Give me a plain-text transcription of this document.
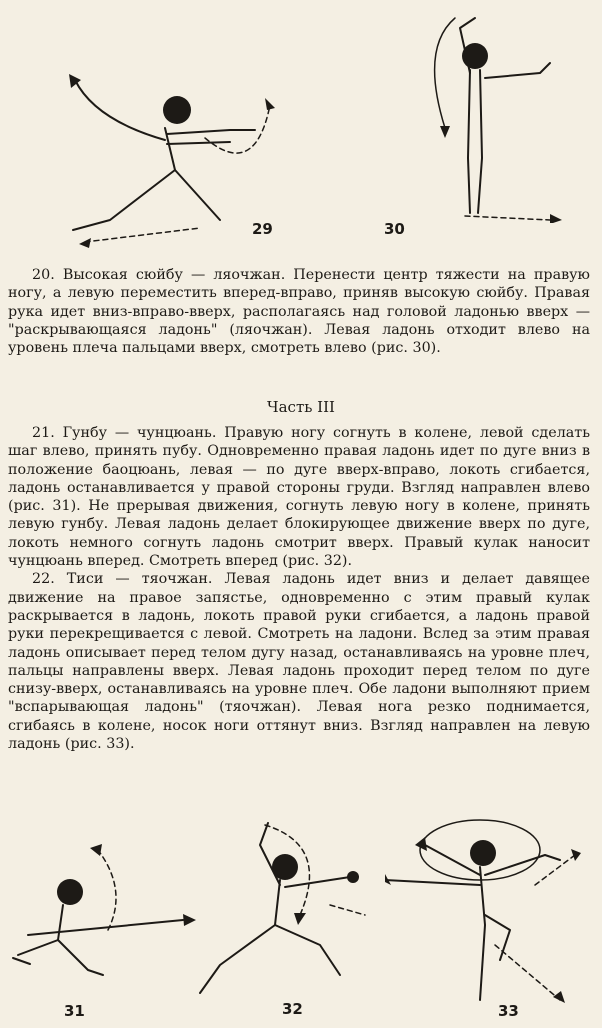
29	30

20. Высокая сюйбу — ляочжан. Перенести центр тяжести на правую ногу, а левую переместить вперед-вправо, приняв высокую сюйбу. Правая рука идет вниз-вправо-вверх, располагаясь над головой ладонью вверх — "раскрывающаяся ладонь" (ляочжан). Левая ладонь отходит влево на уровень плеча пальцами вверх, смотреть влево (рис. 30).

Часть III

21. Гунбу — чунцюань. Правую ногу согнуть в колене, левой сделать шаг влево, принять пубу. Одновременно правая ладонь идет по дуге вниз в положение баоцюань, левая — по дуге вверх-вправо, локоть сгибается, ладонь останавливается у правой стороны груди. Взгляд направлен влево (рис. 31). Не прерывая движения, согнуть левую ногу в колене, принять левую гунбу. Левая ладонь делает блокирующее движение вверх по дуге, локоть немного согнуть ладонь смотрит вверх. Правый кулак наносит чунцюань вперед. Смотреть вперед (рис. 32).

22. Тиси — тяочжан. Левая ладонь идет вниз и делает давящее движение на правое запястье, одновременно с этим правый кулак раскрывается в ладонь, локоть правой руки сгибается, а ладонь правой руки перекрещивается с левой. Смотреть на ладони. Вслед за этим правая ладонь описывает перед телом дугу назад, останавливаясь на уровне плеч, пальцы направлены вверх. Левая ладонь проходит перед телом по дуге снизу-вверх, останавливаясь на уровне плеч. Обе ладони выполняют прием "вспарывающая ладонь" (тяочжан). Левая нога резко поднимается, сгибаясь в колене, носок ноги оттянут вниз. Взгляд направлен на левую ладонь (рис. 33).

31	32	33
